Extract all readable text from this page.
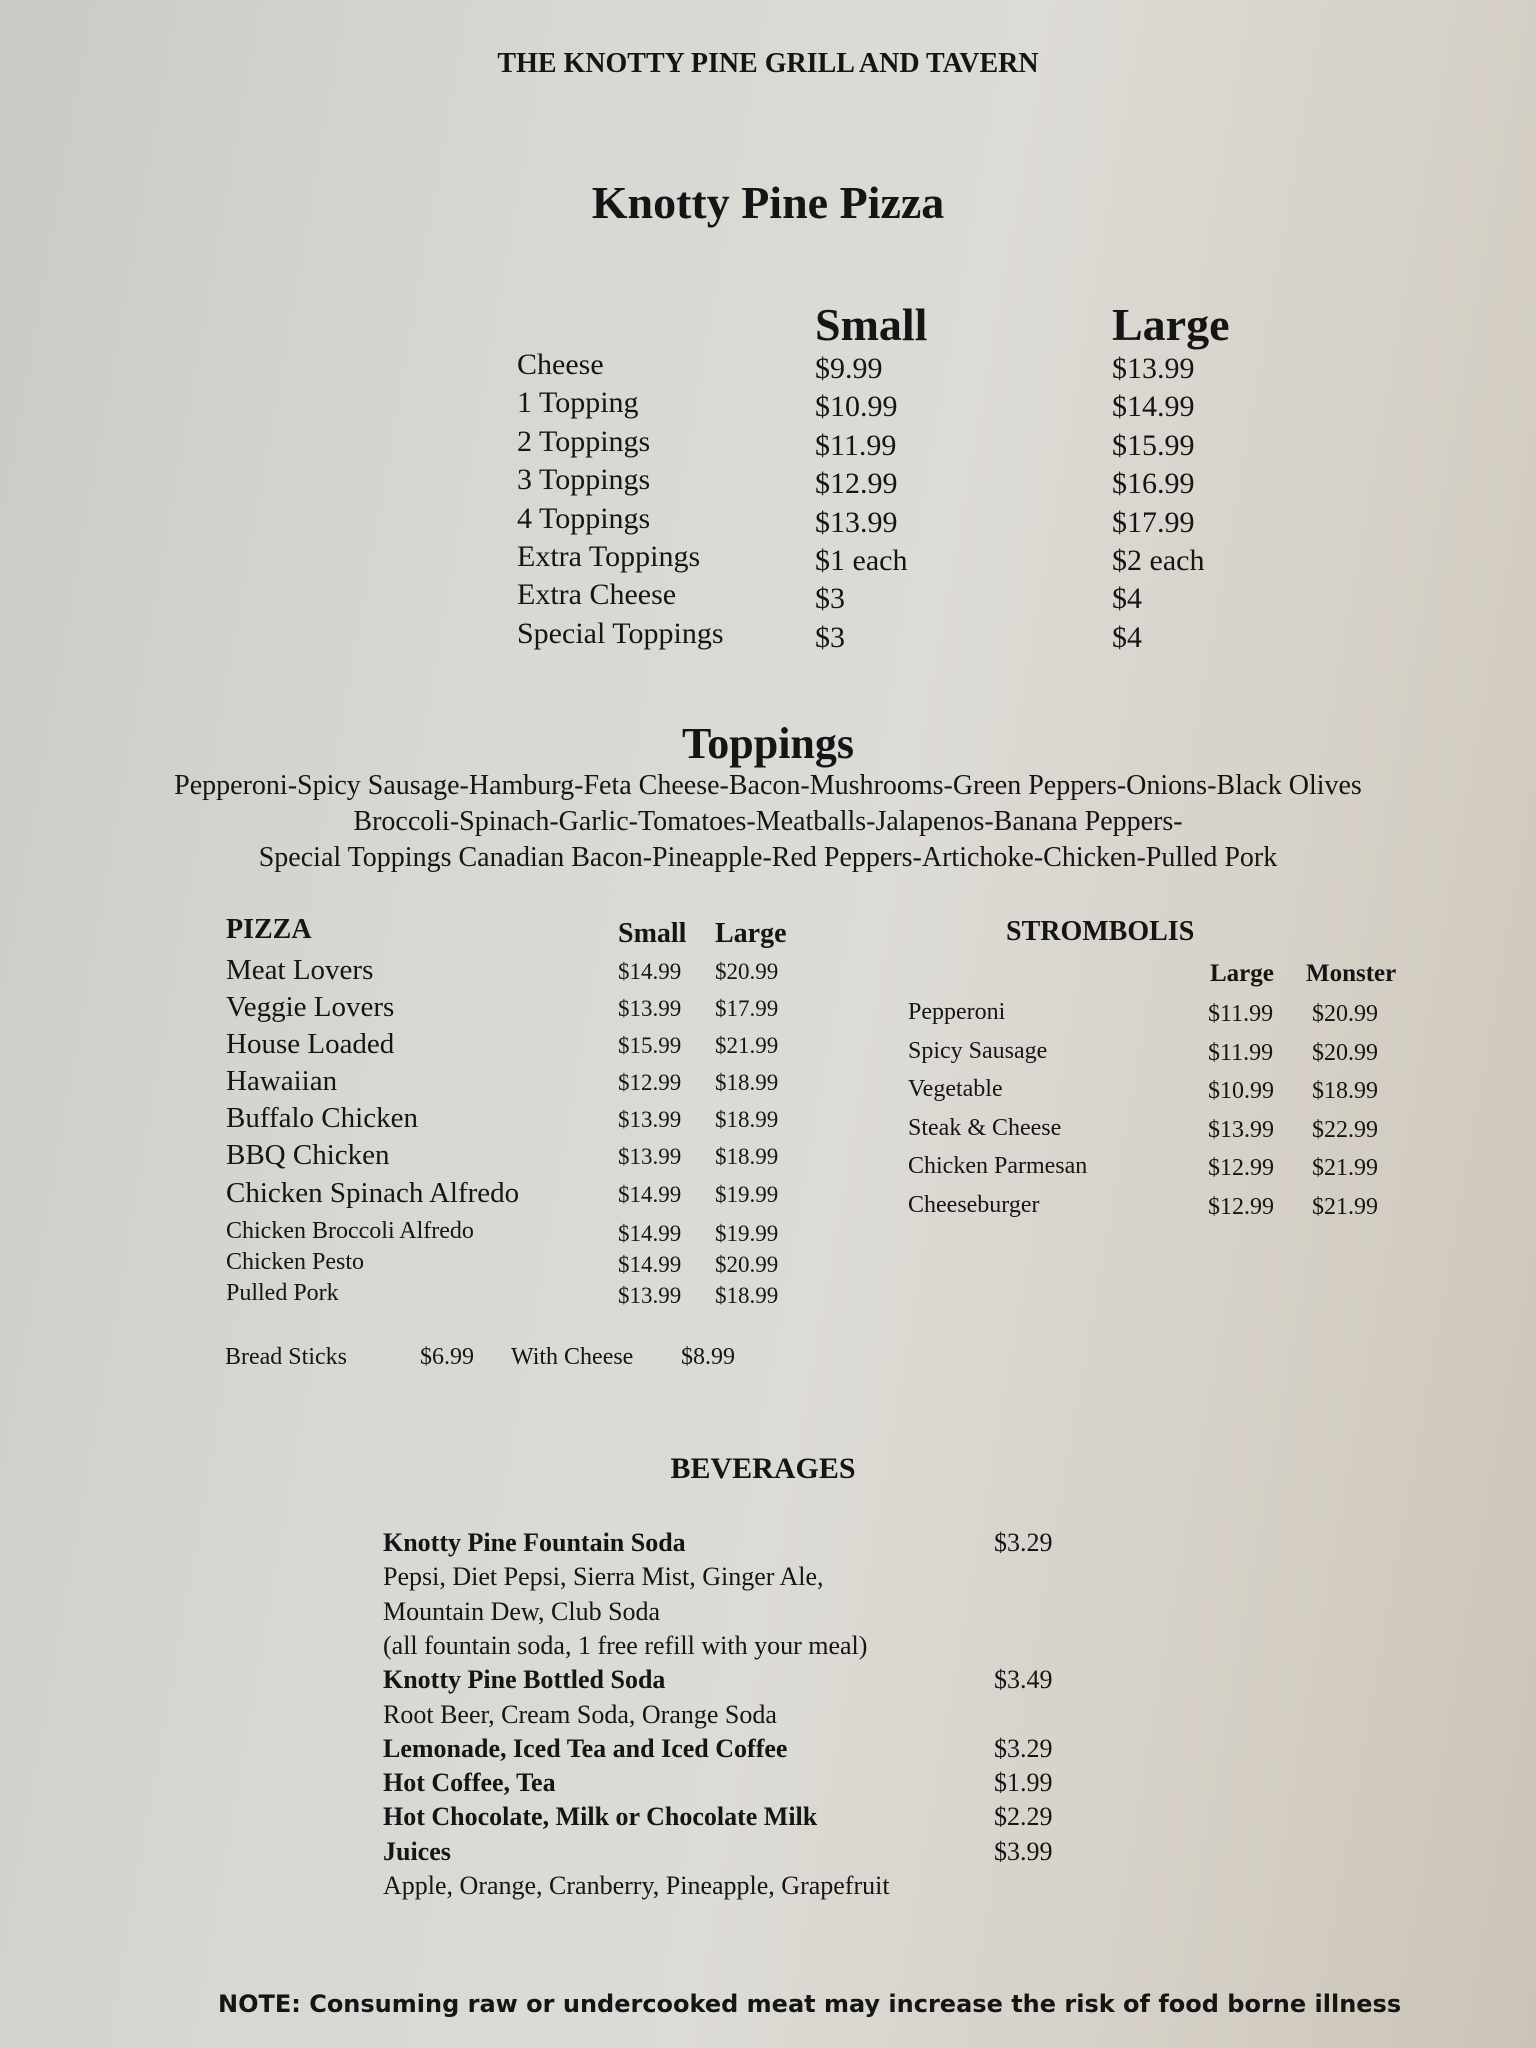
THE KNOTTY PINE GRILL AND TAVERN
Knotty Pine Pizza
Small	Large
Cheese	$9.99	$13.99
1 Topping	$10.99	$14.99
2 Toppings	$11.99	$15.99
3 Toppings	$12.99	$16.99
4 Toppings	$13.99	$17.99
Extra Toppings	$1 each	$2 each
Extra Cheese	$3	$4
Special Toppings	$3	$4
Toppings
Pepperoni-Spicy Sausage-Hamburg-Feta Cheese-Bacon-Mushrooms-Green Peppers-Onions-Black Olives
Broccoli-Spinach-Garlic-Tomatoes-Meatballs-Jalapenos-Banana Peppers-
Special Toppings Canadian Bacon-Pineapple-Red Peppers-Artichoke-Chicken-Pulled Pork
PIZZA	Small Large
Meat Lovers	$14.99 $20.99
Veggie Lovers	$13.99 $17.99
House Loaded	$15.99 $21.99
Hawaiian	$12.99 $18.99
Buffalo Chicken	$13.99 $18.99
BBQ Chicken	$13.99 $18.99
Chicken Spinach Alfredo	$14.99 $19.99
Chicken Broccoli Alfredo	$14.99 $19.99
Chicken Pesto	$14.99 $20.99
Pulled Pork	$13.99 $18.99
STROMBOLIS
Large Monster
Pepperoni	$11.99 $20.99
Spicy Sausage	$11.99 $20.99
Vegetable	$10.99 $18.99
Steak & Cheese	$13.99 $22.99
Chicken Parmesan	$12.99 $21.99
Cheeseburger	$12.99 $21.99
Bread Sticks	$6.99 With Cheese $8.99
BEVERAGES
Knotty Pine Fountain Soda	$3.29
Pepsi, Diet Pepsi, Sierra Mist, Ginger Ale,
Mountain Dew, Club Soda
(all fountain soda, 1 free refill with your meal)
Knotty Pine Bottled Soda	$3.49
Root Beer, Cream Soda, Orange Soda
Lemonade, Iced Tea and Iced Coffee	$3.29
Hot Coffee, Tea	$1.99
Hot Chocolate, Milk or Chocolate Milk	$2.29
Juices	$3.99
Apple, Orange, Cranberry, Pineapple, Grapefruit
NOTE: Consuming raw or undercooked meat may increase the risk of food borne illness
